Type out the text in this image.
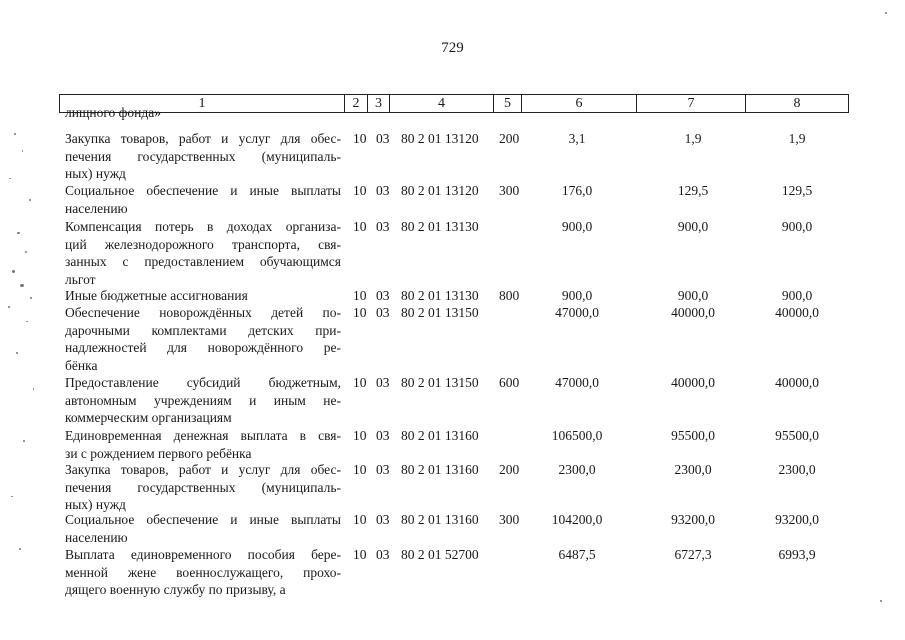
729
1	2	3	4	5	6	7	8
лищного фонда»
Закупка товаров, работ и услуг для обес-
печения государственных (муниципаль-
ных) нужд
10 03 80 2 01 13120 200	3,1	1,9	1,9
Социальное обеспечение и иные выплаты
населению
10 03 80 2 01 13120 300	176,0	129,5	129,5
Компенсация потерь в доходах организа-
ций железнодорожного транспорта, свя-
занных с предоставлением обучающимся
льгот
10 03 80 2 01 13130	900,0	900,0	900,0
Иные бюджетные ассигнования	10 03 80 2 01 13130 800	900,0	900,0	900,0
Обеспечение новорождённых детей по-
дарочными комплектами детских при-
надлежностей для новорождённого ре-
бёнка
10 03 80 2 01 13150	47000,0	40000,0	40000,0
Предоставление субсидий бюджетным,
автономным учреждениям и иным не-
коммерческим организациям
10 03 80 2 01 13150 600	47000,0	40000,0	40000,0
Единовременная денежная выплата в свя-
зи с рождением первого ребёнка
10 03 80 2 01 13160	106500,0	95500,0	95500,0
Закупка товаров, работ и услуг для обес-
печения государственных (муниципаль-
ных) нужд
10 03 80 2 01 13160 200	2300,0	2300,0	2300,0
Социальное обеспечение и иные выплаты
населению
10 03 80 2 01 13160 300	104200,0	93200,0	93200,0
Выплата единовременного пособия бере-
менной жене военнослужащего, прохо-
дящего военную службу по призыву, а
10 03 80 2 01 52700	6487,5	6727,3	6993,9
